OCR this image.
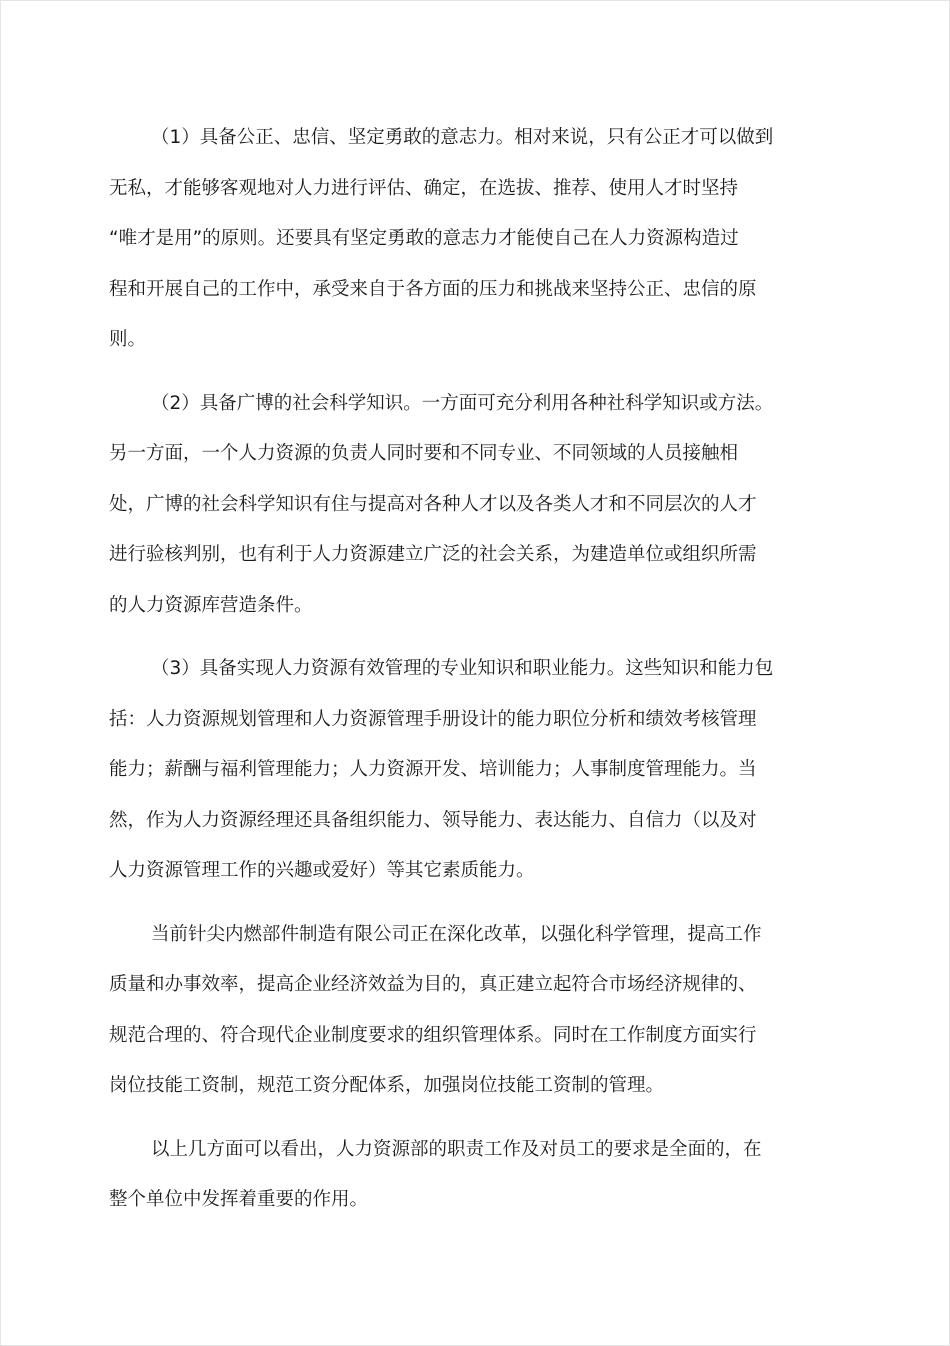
（1）具备公正、忠信、坚定勇敢的意志力。相对来说，只有公正才可以做到
无私，才能够客观地对人力进行评估、确定，在选拔、推荐、使用人才时坚持
“唯才是用”的原则。还要具有坚定勇敢的意志力才能使自己在人力资源构造过
程和开展自己的工作中，承受来自于各方面的压力和挑战来坚持公正、忠信的原
则。
（2）具备广博的社会科学知识。一方面可充分利用各种社科学知识或方法。
另一方面，一个人力资源的负责人同时要和不同专业、不同领域的人员接触相
处，广博的社会科学知识有住与提高对各种人才以及各类人才和不同层次的人才
进行验核判别，也有利于人力资源建立广泛的社会关系，为建造单位或组织所需
的人力资源库营造条件。
（3）具备实现人力资源有效管理的专业知识和职业能力。这些知识和能力包
括：人力资源规划管理和人力资源管理手册设计的能力职位分析和绩效考核管理
能力；薪酬与福利管理能力；人力资源开发、培训能力；人事制度管理能力。当
然，作为人力资源经理还具备组织能力、领导能力、表达能力、自信力（以及对
人力资源管理工作的兴趣或爱好）等其它素质能力。
当前针尖内燃部件制造有限公司正在深化改革，以强化科学管理，提高工作
质量和办事效率，提高企业经济效益为目的，真正建立起符合市场经济规律的、
规范合理的、符合现代企业制度要求的组织管理体系。同时在工作制度方面实行
岗位技能工资制，规范工资分配体系，加强岗位技能工资制的管理。
以上几方面可以看出，人力资源部的职责工作及对员工的要求是全面的，在
整个单位中发挥着重要的作用。
